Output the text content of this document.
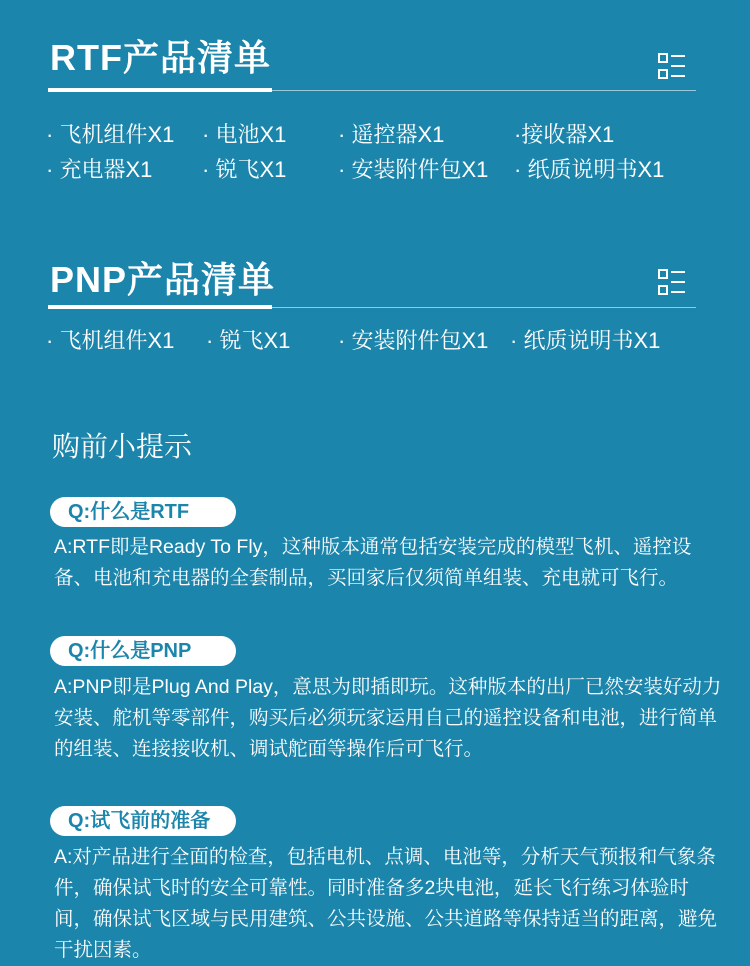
RTF产品清单
· 飞机组件X1 · 电池X1 · 遥控器X1	·接收器X1
· 充电器X1 · 锐飞X1 · 安装附件包X1 · 纸质说明书X1
PNP产品清单
· 飞机组件X1 · 锐飞X1 · 安装附件包X1 · 纸质说明书X1
购前小提示
Q:什么是RTF
A:RTF即是Ready To Fly，这种版本通常包括安装完成的模型飞机、遥控设备、电池和充电器的全套制品，买回家后仅须简单组装、充电就可飞行。
Q:什么是PNP
A:PNP即是Plug And Play，意思为即插即玩。这种版本的出厂已然安装好动力安装、舵机等零部件，购买后必须玩家运用自己的遥控设备和电池，进行简单的组装、连接接收机、调试舵面等操作后可飞行。
Q:试飞前的准备
A:对产品进行全面的检查，包括电机、点调、电池等，分析天气预报和气象条件，确保试飞时的安全可靠性。同时准备多2块电池，延长飞行练习体验时间，确保试飞区域与民用建筑、公共设施、公共道路等保持适当的距离，避免干扰因素。
